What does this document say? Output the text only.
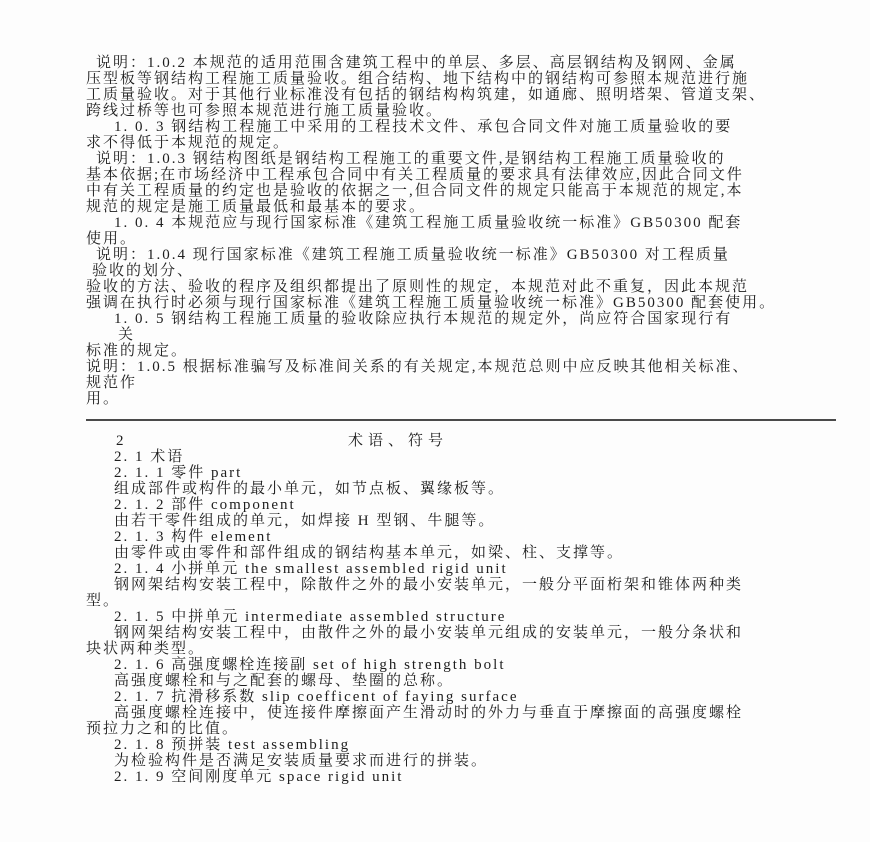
说明：1.0.2 本规范的适用范围含建筑工程中的单层、多层、高层钢结构及钢网、金属
压型板等钢结构工程施工质量验收。组合结构、地下结构中的钢结构可参照本规范进行施
工质量验收。对于其他行业标准没有包括的钢结构构筑建，如通廊、照明塔架、管道支架、
跨线过桥等也可参照本规范进行施工质量验收。
1. 0. 3 钢结构工程施工中采用的工程技术文件、承包合同文件对施工质量验收的要
求不得低于本规范的规定。
说明：1.0.3 钢结构图纸是钢结构工程施工的重要文件,是钢结构工程施工质量验收的
基本依据;在市场经济中工程承包合同中有关工程质量的要求具有法律效应,因此合同文件
中有关工程质量的约定也是验收的依据之一,但合同文件的规定只能高于本规范的规定,本
规范的规定是施工质量最低和最基本的要求。
1. 0. 4 本规范应与现行国家标准《建筑工程施工质量验收统一标准》GB50300 配套
使用。
说明：1.0.4 现行国家标准《建筑工程施工质量验收统一标准》GB50300 对工程质量
验收的划分、
验收的方法、验收的程序及组织都提出了原则性的规定，本规范对此不重复，因此本规范
强调在执行时必须与现行国家标准《建筑工程施工质量验收统一标准》GB50300 配套使用。
1. 0. 5 钢结构工程施工质量的验收除应执行本规范的规定外，尚应符合国家现行有
关
标准的规定。
说明：1.0.5 根据标准骗写及标准间关系的有关规定,本规范总则中应反映其他相关标准、
规范作
用。
2	术语、符号
2. 1 术语
2. 1. 1 零件 part
组成部件或构件的最小单元，如节点板、翼缘板等。
2. 1. 2 部件 component
由若干零件组成的单元，如焊接 H 型钢、牛腿等。
2. 1. 3 构件 element
由零件或由零件和部件组成的钢结构基本单元，如梁、柱、支撑等。
2. 1. 4 小拼单元 the smallest assembled rigid unit
钢网架结构安装工程中，除散件之外的最小安装单元，一般分平面桁架和锥体两种类
型。
2. 1. 5 中拼单元 intermediate assembled structure
钢网架结构安装工程中，由散件之外的最小安装单元组成的安装单元，一般分条状和
块状两种类型。
2. 1. 6 高强度螺栓连接副 set of high strength bolt
高强度螺栓和与之配套的螺母、垫圈的总称。
2. 1. 7 抗滑移系数 slip coefficent of faying surface
高强度螺栓连接中，使连接件摩擦面产生滑动时的外力与垂直于摩擦面的高强度螺栓
预拉力之和的比值。
2. 1. 8 预拼装 test assembling
为检验构件是否满足安装质量要求而进行的拼装。
2. 1. 9 空间刚度单元 space rigid unit
